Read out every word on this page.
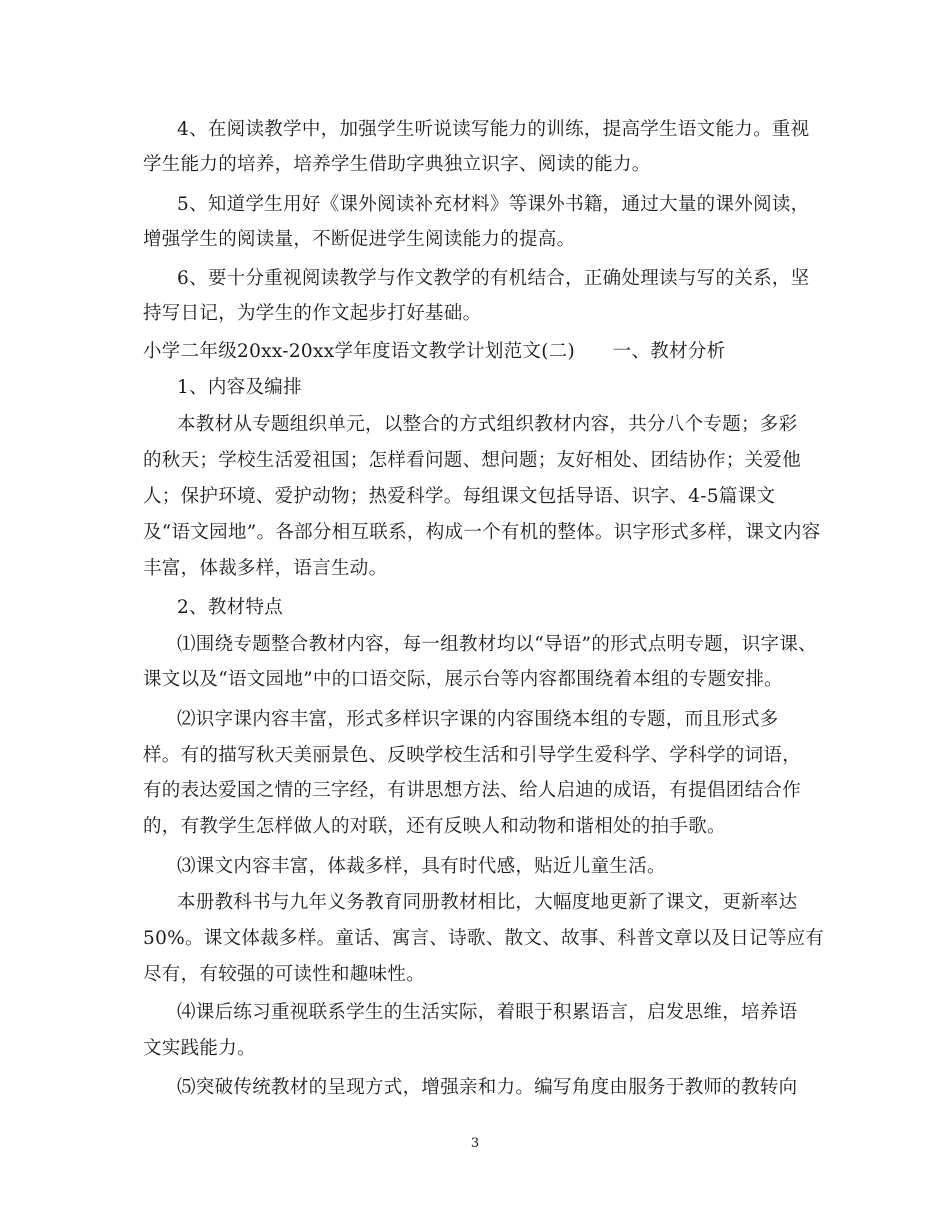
4、在阅读教学中，加强学生听说读写能力的训练，提高学生语文能力。重视
学生能力的培养，培养学生借助字典独立识字、阅读的能力。
5、知道学生用好《课外阅读补充材料》等课外书籍，通过大量的课外阅读，
增强学生的阅读量，不断促进学生阅读能力的提高。
6、要十分重视阅读教学与作文教学的有机结合，正确处理读与写的关系，坚
持写日记，为学生的作文起步打好基础。
小学二年级20xx-20xx学年度语文教学计划范文(二)　　一、教材分析
1、内容及编排
本教材从专题组织单元，以整合的方式组织教材内容，共分八个专题；多彩
的秋天；学校生活爱祖国；怎样看问题、想问题；友好相处、团结协作；关爱他
人；保护环境、爱护动物；热爱科学。每组课文包括导语、识字、4-5篇课文
及“语文园地”。各部分相互联系，构成一个有机的整体。识字形式多样，课文内容
丰富，体裁多样，语言生动。
2、教材特点
⑴围绕专题整合教材内容，每一组教材均以“导语”的形式点明专题，识字课、
课文以及“语文园地”中的口语交际，展示台等内容都围绕着本组的专题安排。
⑵识字课内容丰富，形式多样识字课的内容围绕本组的专题，而且形式多
样。有的描写秋天美丽景色、反映学校生活和引导学生爱科学、学科学的词语，
有的表达爱国之情的三字经，有讲思想方法、给人启迪的成语，有提倡团结合作
的，有教学生怎样做人的对联，还有反映人和动物和谐相处的拍手歌。
⑶课文内容丰富，体裁多样，具有时代感，贴近儿童生活。
本册教科书与九年义务教育同册教材相比，大幅度地更新了课文，更新率达
50%。课文体裁多样。童话、寓言、诗歌、散文、故事、科普文章以及日记等应有
尽有，有较强的可读性和趣味性。
⑷课后练习重视联系学生的生活实际，着眼于积累语言，启发思维，培养语
文实践能力。
⑸突破传统教材的呈现方式，增强亲和力。编写角度由服务于教师的教转向
3
